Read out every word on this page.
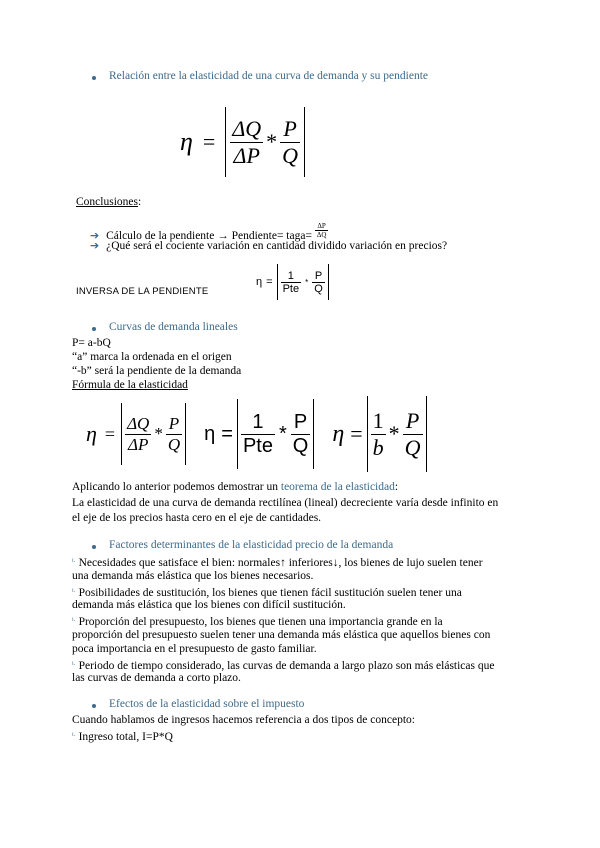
Relación entre la elasticidad de una curva de demanda y su pendiente
$\eta = \frac{\Delta Q}{\Delta P} * \frac{P}{Q}$
Conclusiones:
➔ Cálculo de la pendiente → Pendiente= taga= $\frac{\Delta P}{\Delta Q}$
➔ ¿Qué será el cociente variación en cantidad dividido variación en precios?
INVERSA DE LA PENDIENTE
$\eta = \frac{1}{\text{Pte}} * \frac{P}{Q}$
Curvas de demanda lineales
P= a-bQ
“a” marca la ordenada en el origen
“-b” será la pendiente de la demanda
Fórmula de la elasticidad
$\eta = \frac{\Delta Q}{\Delta P} * \frac{P}{Q}$ $\eta = \frac{1}{\text{Pte}} * \frac{P}{Q}$ $\eta = \frac{1}{b} * \frac{P}{Q}$
Aplicando lo anterior podemos demostrar un teorema de la elasticidad:
La elasticidad de una curva de demanda rectilínea (lineal) decreciente varía desde infinito en
el eje de los precios hasta cero en el eje de cantidades.
Factores determinantes de la elasticidad precio de la demanda
$^{ı.}$ Necesidades que satisface el bien: normales↑ inferiores↓, los bienes de lujo suelen tener
una demanda más elástica que los bienes necesarios.
$^{ı.}$ Posibilidades de sustitución, los bienes que tienen fácil sustitución suelen tener una
demanda más elástica que los bienes con difícil sustitución.
$^{ı.}$ Proporción del presupuesto, los bienes que tienen una importancia grande en la
proporción del presupuesto suelen tener una demanda más elástica que aquellos bienes con
poca importancia en el presupuesto de gasto familiar.
$^{ı.}$ Periodo de tiempo considerado, las curvas de demanda a largo plazo son más elásticas que
las curvas de demanda a corto plazo.
Efectos de la elasticidad sobre el impuesto
Cuando hablamos de ingresos hacemos referencia a dos tipos de concepto:
$^{ı.}$ Ingreso total, I=P*Q
